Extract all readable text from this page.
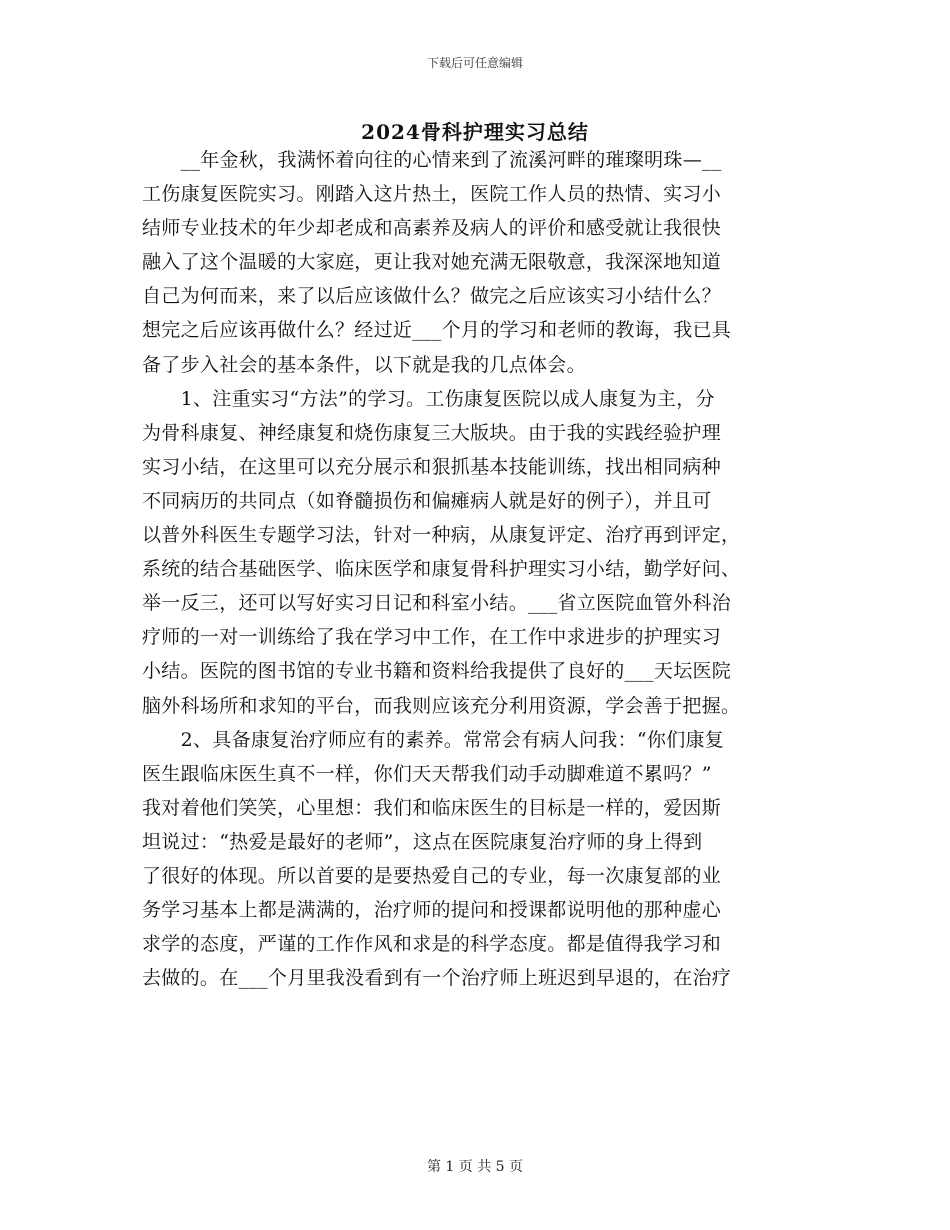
下载后可任意编辑
2024骨科护理实习总结
　　__年金秋，我满怀着向往的心情来到了流溪河畔的璀璨明珠—__
工伤康复医院实习。刚踏入这片热土，医院工作人员的热情、实习小
结师专业技术的年少却老成和高素养及病人的评价和感受就让我很快
融入了这个温暖的大家庭，更让我对她充满无限敬意，我深深地知道
自己为何而来，来了以后应该做什么？做完之后应该实习小结什么？
想完之后应该再做什么？经过近___个月的学习和老师的教诲，我已具
备了步入社会的基本条件，以下就是我的几点体会。
　　1、注重实习“方法”的学习。工伤康复医院以成人康复为主，分
为骨科康复、神经康复和烧伤康复三大版块。由于我的实践经验护理
实习小结，在这里可以充分展示和狠抓基本技能训练，找出相同病种
不同病历的共同点（如脊髓损伤和偏瘫病人就是好的例子），并且可
以普外科医生专题学习法，针对一种病，从康复评定、治疗再到评定，
系统的结合基础医学、临床医学和康复骨科护理实习小结，勤学好问、
举一反三，还可以写好实习日记和科室小结。___省立医院血管外科治
疗师的一对一训练给了我在学习中工作，在工作中求进步的护理实习
小结。医院的图书馆的专业书籍和资料给我提供了良好的___天坛医院
脑外科场所和求知的平台，而我则应该充分利用资源，学会善于把握。
　　2、具备康复治疗师应有的素养。常常会有病人问我：“你们康复
医生跟临床医生真不一样，你们天天帮我们动手动脚难道不累吗？”
我对着他们笑笑，心里想：我们和临床医生的目标是一样的，爱因斯
坦说过：“热爱是最好的老师”，这点在医院康复治疗师的身上得到
了很好的体现。所以首要的是要热爱自己的专业，每一次康复部的业
务学习基本上都是满满的，治疗师的提问和授课都说明他的那种虚心
求学的态度，严谨的工作作风和求是的科学态度。都是值得我学习和
去做的。在___个月里我没看到有一个治疗师上班迟到早退的，在治疗
第 1 页 共 5 页
